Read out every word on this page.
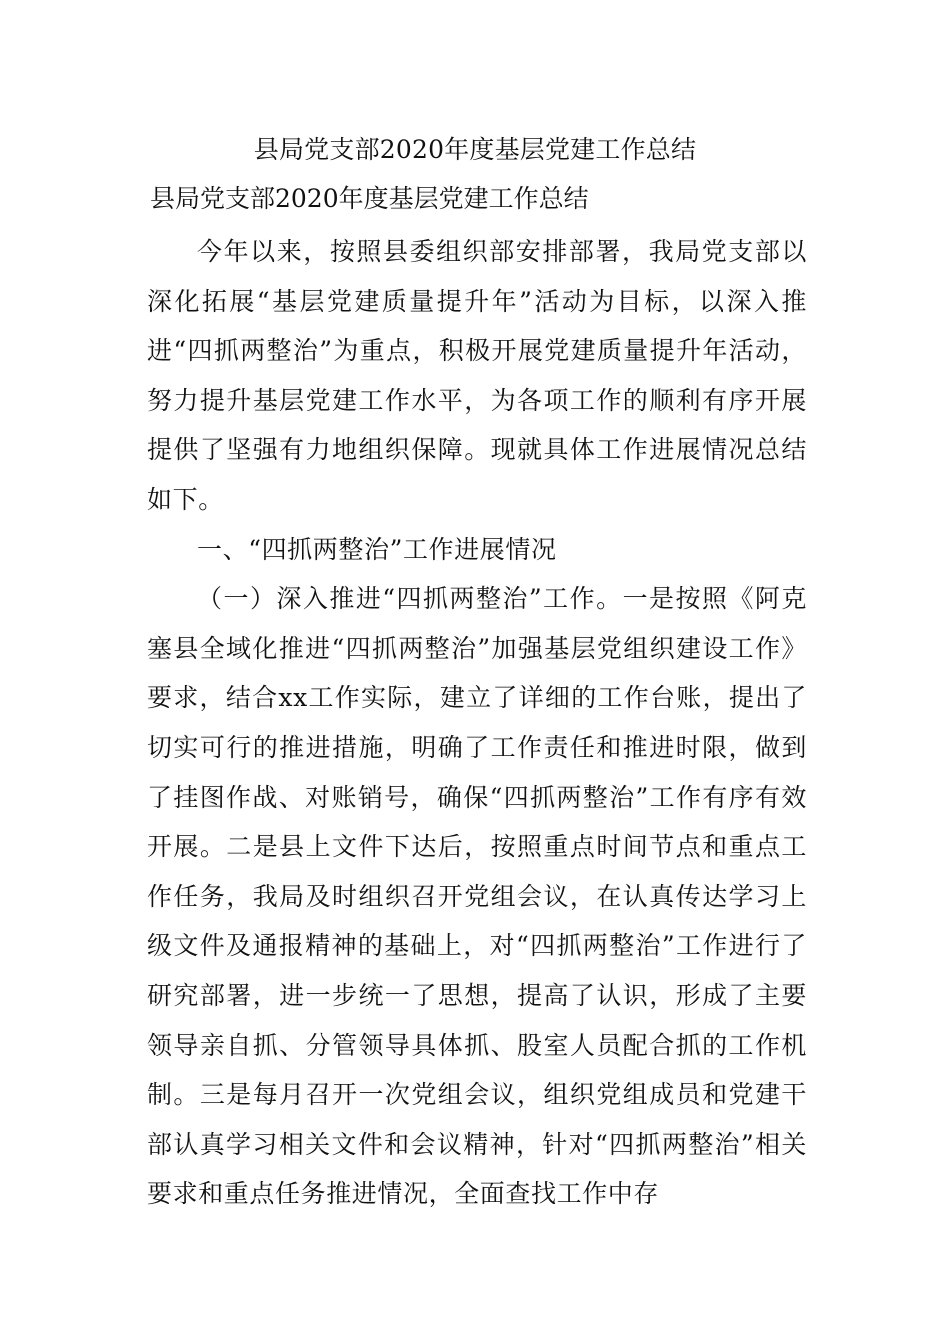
县局党支部2020年度基层党建工作总结
县局党支部2020年度基层党建工作总结

今年以来，按照县委组织部安排部署，我局党支部以深化拓展“基层党建质量提升年”活动为目标，以深入推进“四抓两整治”为重点，积极开展党建质量提升年活动，努力提升基层党建工作水平，为各项工作的顺利有序开展提供了坚强有力地组织保障。现就具体工作进展情况总结如下。

一、“四抓两整治”工作进展情况

（一）深入推进“四抓两整治”工作。一是按照《阿克塞县全域化推进“四抓两整治”加强基层党组织建设工作》要求，结合xx工作实际，建立了详细的工作台账，提出了切实可行的推进措施，明确了工作责任和推进时限，做到了挂图作战、对账销号，确保“四抓两整治”工作有序有效开展。二是县上文件下达后，按照重点时间节点和重点工作任务，我局及时组织召开党组会议，在认真传达学习上级文件及通报精神的基础上，对“四抓两整治”工作进行了研究部署，进一步统一了思想，提高了认识，形成了主要领导亲自抓、分管领导具体抓、股室人员配合抓的工作机制。三是每月召开一次党组会议，组织党组成员和党建干部认真学习相关文件和会议精神，针对“四抓两整治”相关要求和重点任务推进情况，全面查找工作中存
